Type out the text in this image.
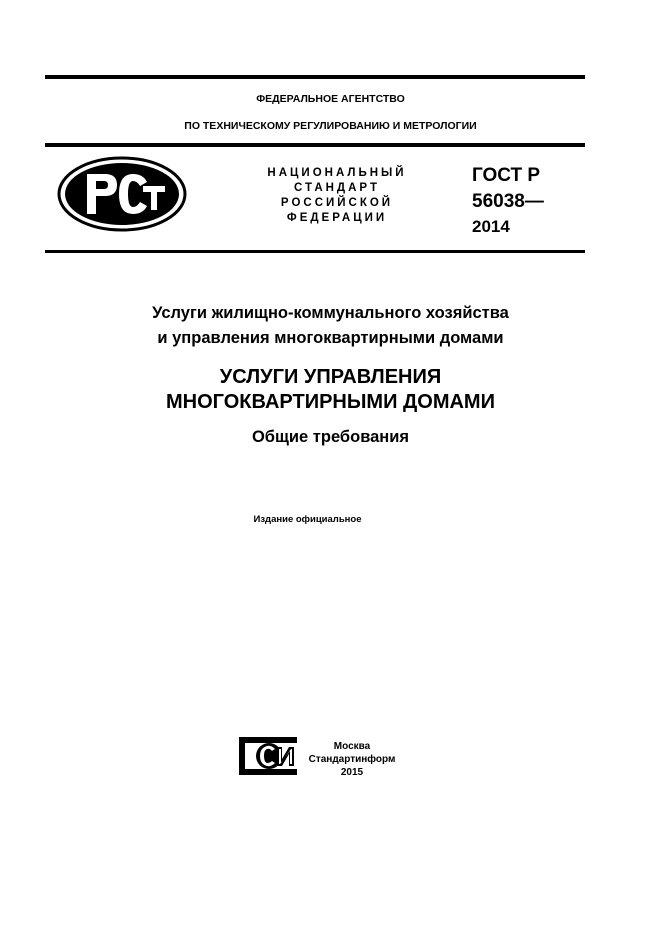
ФЕДЕРАЛЬНОЕ АГЕНТСТВО
ПО ТЕХНИЧЕСКОМУ РЕГУЛИРОВАНИЮ И МЕТРОЛОГИИ
НАЦИОНАЛЬНЫЙ
СТАНДАРТ
РОССИЙСКОЙ
ФЕДЕРАЦИИ
ГОСТ Р
56038—
2014
Услуги жилищно-коммунального хозяйства
и управления многоквартирными домами
УСЛУГИ УПРАВЛЕНИЯ
МНОГОКВАРТИРНЫМИ ДОМАМИ
Общие требования
Издание официальное
Москва
Стандартинформ
2015
